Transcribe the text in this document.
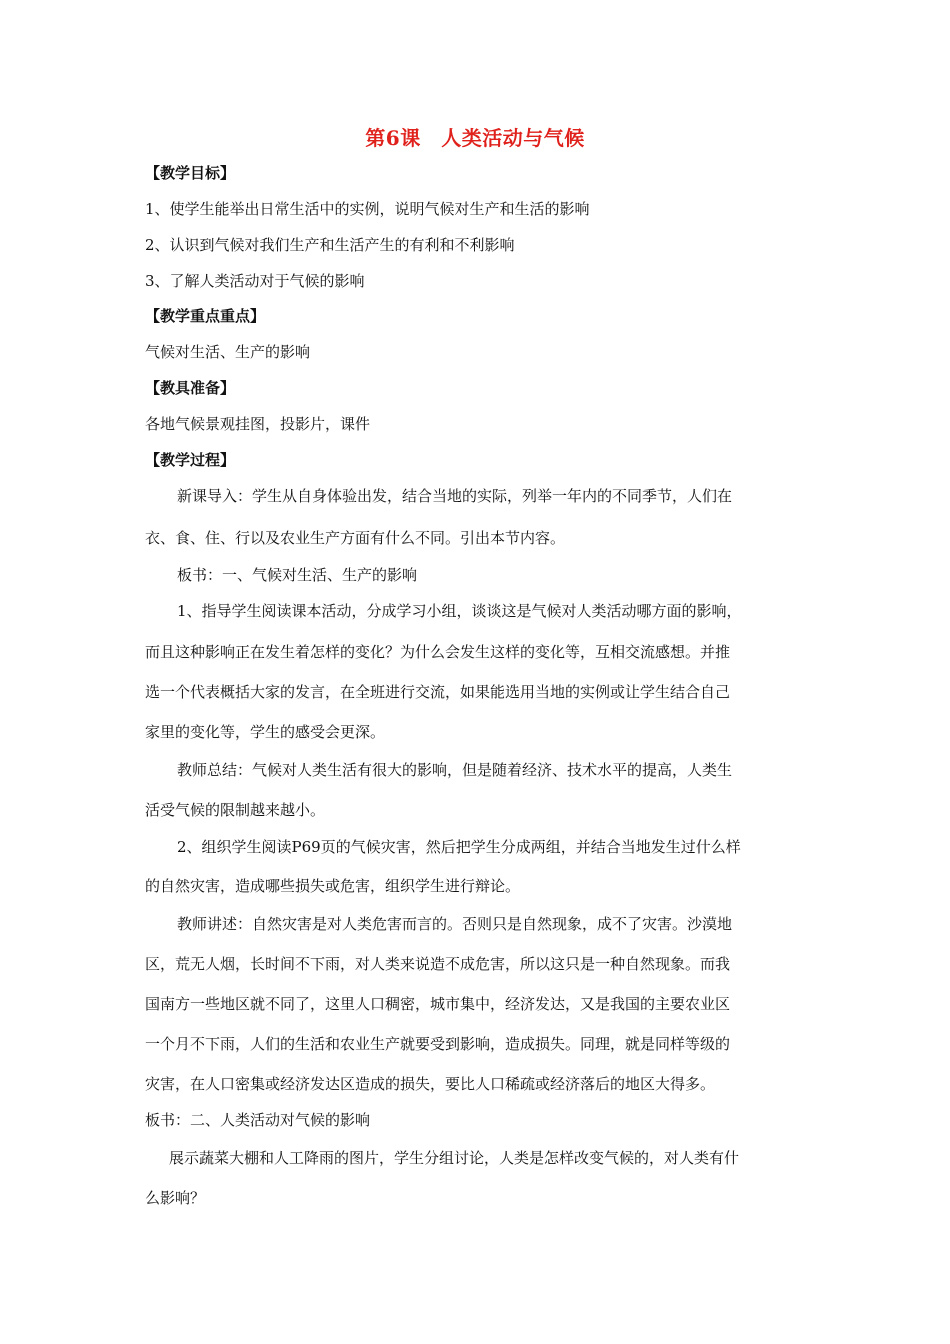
第6课　人类活动与气候
【教学目标】
1、使学生能举出日常生活中的实例，说明气候对生产和生活的影响
2、认识到气候对我们生产和生活产生的有利和不利影响
3、了解人类活动对于气候的影响
【教学重点重点】
气候对生活、生产的影响
【教具准备】
各地气候景观挂图，投影片，课件
【教学过程】
新课导入：学生从自身体验出发，结合当地的实际，列举一年内的不同季节，人们在
衣、食、住、行以及农业生产方面有什么不同。引出本节内容。
板书：一、气候对生活、生产的影响
1、指导学生阅读课本活动，分成学习小组，谈谈这是气候对人类活动哪方面的影响，
而且这种影响正在发生着怎样的变化？为什么会发生这样的变化等，互相交流感想。并推
选一个代表概括大家的发言，在全班进行交流，如果能选用当地的实例或让学生结合自己
家里的变化等，学生的感受会更深。
教师总结：气候对人类生活有很大的影响，但是随着经济、技术水平的提高，人类生
活受气候的限制越来越小。
2、组织学生阅读P69页的气候灾害，然后把学生分成两组，并结合当地发生过什么样
的自然灾害，造成哪些损失或危害，组织学生进行辩论。
教师讲述：自然灾害是对人类危害而言的。否则只是自然现象，成不了灾害。沙漠地
区，荒无人烟，长时间不下雨，对人类来说造不成危害，所以这只是一种自然现象。而我
国南方一些地区就不同了，这里人口稠密，城市集中，经济发达，又是我国的主要农业区
一个月不下雨，人们的生活和农业生产就要受到影响，造成损失。同理，就是同样等级的
灾害，在人口密集或经济发达区造成的损失，要比人口稀疏或经济落后的地区大得多。
板书：二、人类活动对气候的影响
展示蔬菜大棚和人工降雨的图片，学生分组讨论，人类是怎样改变气候的，对人类有什
么影响？
